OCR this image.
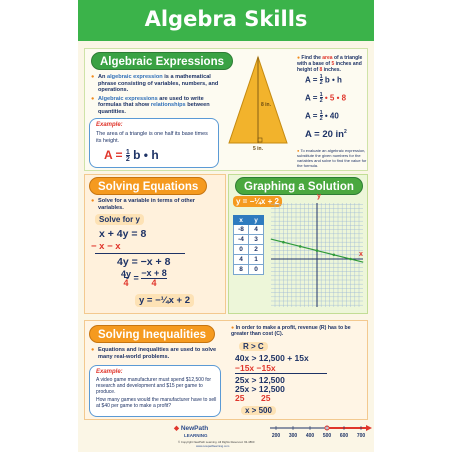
Algebra Skills
Algebraic Expressions
● An algebraic expression is a mathematical phrase consisting of variables, numbers, and operations.
● Algebraic expressions are used to write formulas that show relationships between quantities.
Example:
The area of a triangle is one half its base times its height.
A = 1
2 b • h
8 in.
5 in.
● Find the area of a triangle with a base of 5 inches and height of 8 inches.
A = 1
2 b • h
A = 1
2 • 5 • 8
A = 1
2 • 40
A = 20 $in^2$
● To evaluate an algebraic expression, substitute the given numbers for the variables and solve to find the value for the formula.
Solving Equations
● Solve for a variable in terms of other variables.
Solve for y
x + 4y = 8
− x − x
4y = −x + 8
$\frac{4y}{4} = \frac{-x + 8}{4}$
y = −¼x + 2
Graphing a Solution
y = −¼x + 2
x	y
-8	4
-4	3
0	2
4	1
8	0
y
x
Solving Inequalities
● Equations and inequalities are used to solve many real-world problems.
Example:
A video game manufacturer must spend $12,500 for research and development and $15 per game to produce.
How many games would the manufacturer have to sell at $40 per game to make a profit?
● In order to make a profit, revenue (R) has to be greater than cost (C).
R > C
40x > 12,500 + 15x
−15x −15x
25x > 12,500
25x > 12,500
25 25
x > 500
200 300 400 500 600 700
◆ NewPath
LEARNING
© Copyright NewPath Learning. All Rights Reserved. 93-4860
www.newpathlearning.com
